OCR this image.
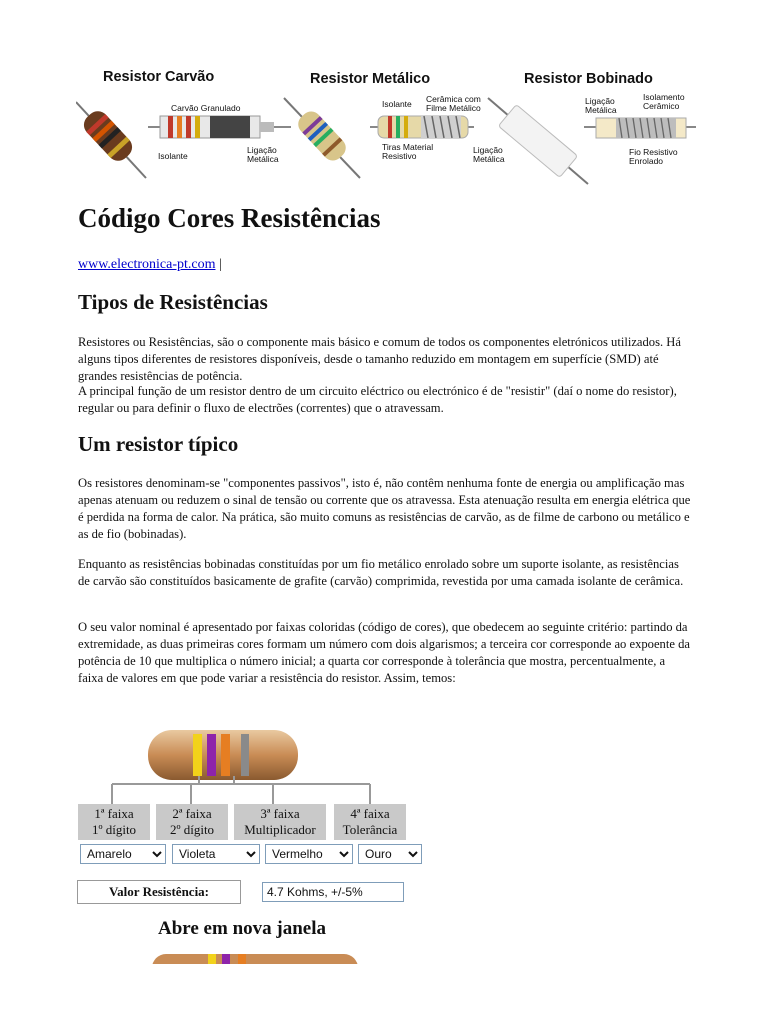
Resistor Carvão	Resistor Metálico	Resistor Bobinado
Carvão Granulado
Isolante
Ligação
Metálica
Isolante Cerâmica com
Filme Metálico
Tiras Material
Resistivo
Ligação
Metálica
Ligação
Metálica
Isolamento
Cerâmico
Fio Resistivo
Enrolado
Código Cores Resistências
www.electronica-pt.com |
Tipos de Resistências

Resistores ou Resistências, são o componente mais básico e comum de todos os componentes eletrónicos utilizados. Há alguns tipos diferentes de resistores disponíveis, desde o tamanho reduzido em montagem em superfície (SMD) até grandes resistências de potência.

A principal função de um resistor dentro de um circuito eléctrico ou electrónico é de "resistir" (daí o nome do resistor), regular ou para definir o fluxo de electrões (correntes) que o atravessam.

Um resistor típico

Os resistores denominam-se "componentes passivos", isto é, não contêm nenhuma fonte de energia ou amplificação mas apenas atenuam ou reduzem o sinal de tensão ou corrente que os atravessa. Esta atenuação resulta em energia elétrica que é perdida na forma de calor. Na prática, são muito comuns as resistências de carvão, as de filme de carbono ou metálico e as de fio (bobinadas).

Enquanto as resistências bobinadas constituídas por um fio metálico enrolado sobre um suporte isolante, as resistências de carvão são constituídos basicamente de grafite (carvão) comprimida, revestida por uma camada isolante de cerâmica.

O seu valor nominal é apresentado por faixas coloridas (código de cores), que obedecem ao seguinte critério: partindo da extremidade, as duas primeiras cores formam um número com dois algarismos; a terceira cor corresponde ao expoente da potência de 10 que multiplica o número inicial; a quarta cor corresponde à tolerância que mostra, percentualmente, a faixa de valores em que pode variar a resistência do resistor. Assim, temos:

1ª faixa
1º dígito
2ª faixa
2º dígito
3ª faixa
Multiplicador
4ª faixa
Tolerância
Amarelo
Violeta
Vermelho
Ouro
Valor Resistência:
4.7 Kohms, +/-5%
Abre em nova janela
